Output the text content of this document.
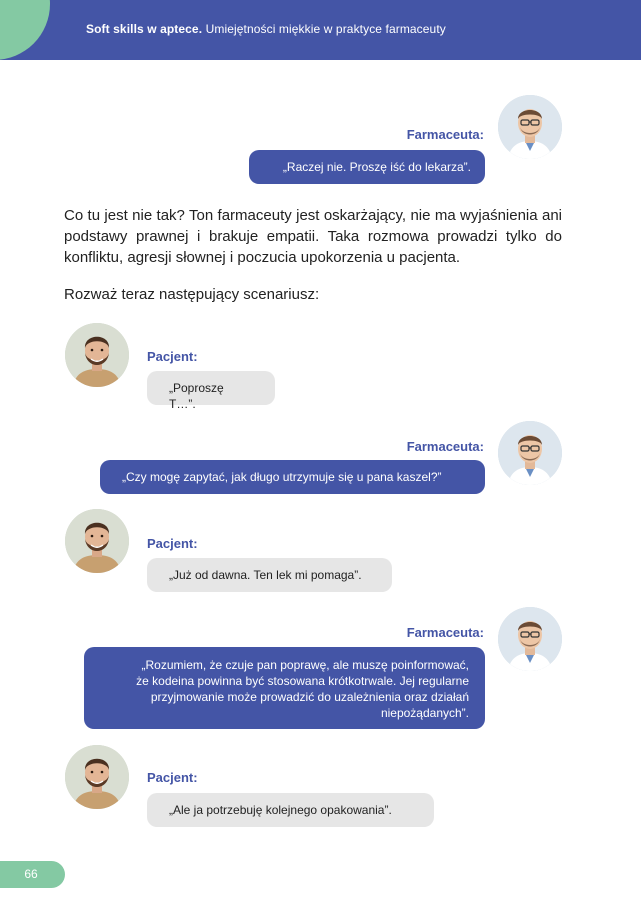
Soft skills w aptece. Umiejętności miękkie w praktyce farmaceuty
Farmaceuta:
„Raczej nie. Proszę iść do lekarza”.
Co tu jest nie tak? Ton farmaceuty jest oskarżający, nie ma wyjaśnienia ani podstawy prawnej i brakuje empatii. Taka rozmowa prowadzi tylko do konfliktu, agresji słownej i poczucia upokorzenia u pacjenta.
Rozważ teraz następujący scenariusz:
Pacjent:
„Poproszę T…”.
Farmaceuta:
„Czy mogę zapytać, jak długo utrzymuje się u pana kaszel?”
Pacjent:
„Już od dawna. Ten lek mi pomaga”.
Farmaceuta:
„Rozumiem, że czuje pan poprawę, ale muszę poinformować,
że kodeina powinna być stosowana krótkotrwale. Jej regularne
przyjmowanie może prowadzić do uzależnienia oraz działań
niepożądanych”.
Pacjent:
„Ale ja potrzebuję kolejnego opakowania”.
66
